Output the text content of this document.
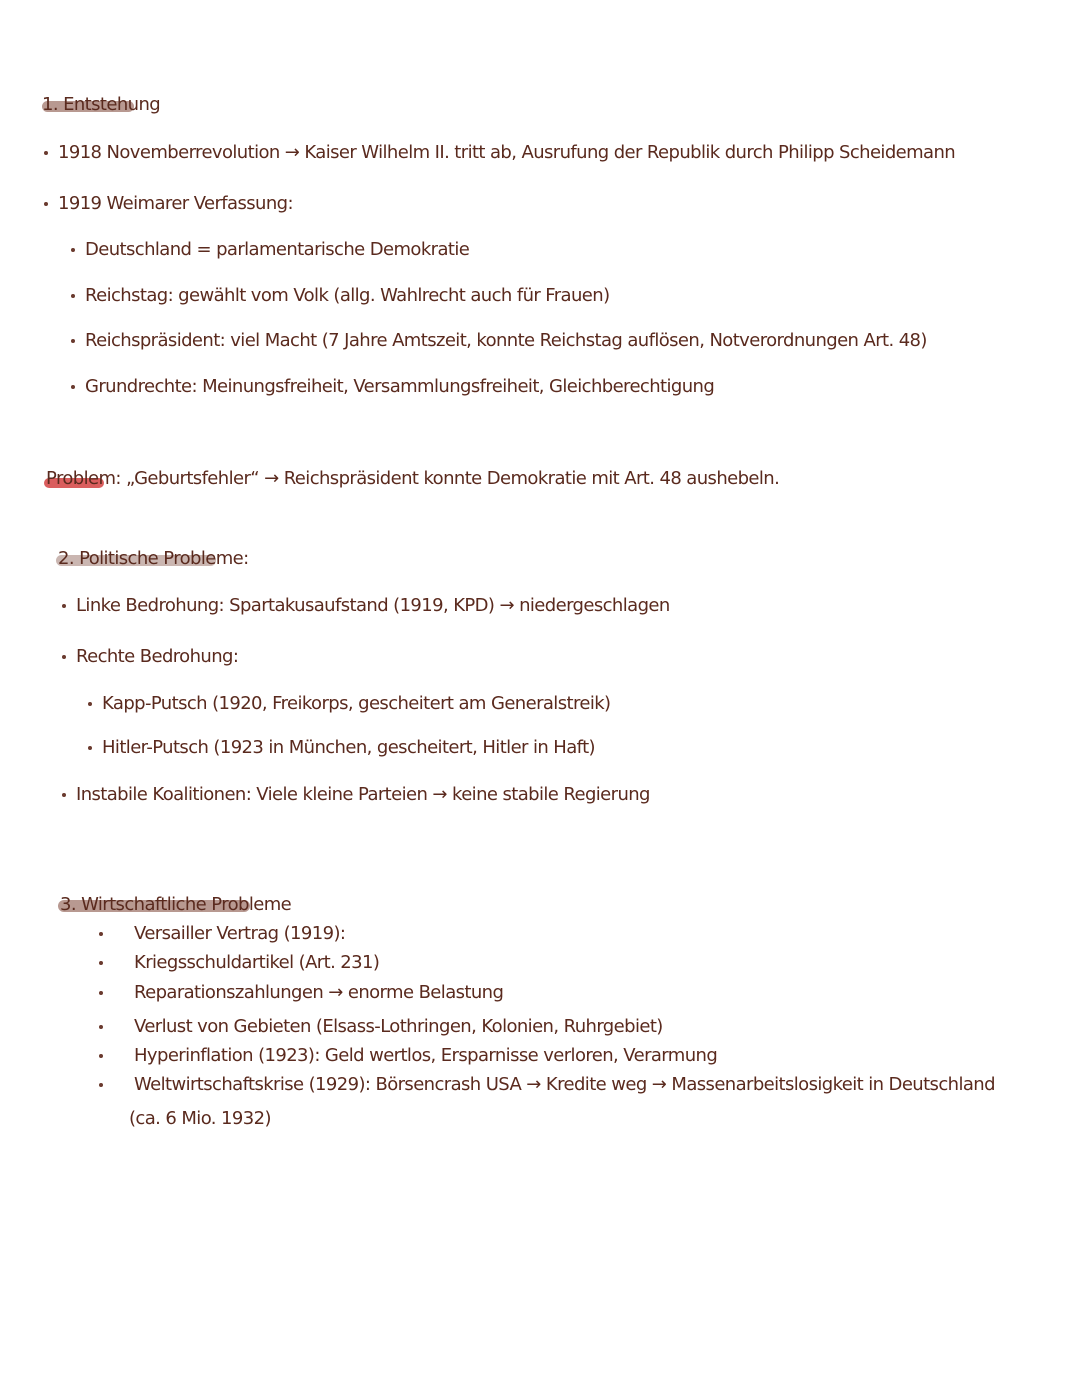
1. Entstehung
1918 Novemberrevolution → Kaiser Wilhelm II. tritt ab, Ausrufung der Republik durch Philipp Scheidemann
1919 Weimarer Verfassung:
Deutschland = parlamentarische Demokratie
Reichstag: gewählt vom Volk (allg. Wahlrecht auch für Frauen)
Reichspräsident: viel Macht (7 Jahre Amtszeit, konnte Reichstag auflösen, Notverordnungen Art. 48)
Grundrechte: Meinungsfreiheit, Versammlungsfreiheit, Gleichberechtigung
Problem: „Geburtsfehler“ → Reichspräsident konnte Demokratie mit Art. 48 aushebeln.
2. Politische Probleme:
Linke Bedrohung: Spartakusaufstand (1919, KPD) → niedergeschlagen
Rechte Bedrohung:
Kapp-Putsch (1920, Freikorps, gescheitert am Generalstreik)
Hitler-Putsch (1923 in München, gescheitert, Hitler in Haft)
Instabile Koalitionen: Viele kleine Parteien → keine stabile Regierung
3. Wirtschaftliche Probleme
Versailler Vertrag (1919):
Kriegsschuldartikel (Art. 231)
Reparationszahlungen → enorme Belastung
Verlust von Gebieten (Elsass-Lothringen, Kolonien, Ruhrgebiet)
Hyperinflation (1923): Geld wertlos, Ersparnisse verloren, Verarmung
Weltwirtschaftskrise (1929): Börsencrash USA → Kredite weg → Massenarbeitslosigkeit in Deutschland
(ca. 6 Mio. 1932)
